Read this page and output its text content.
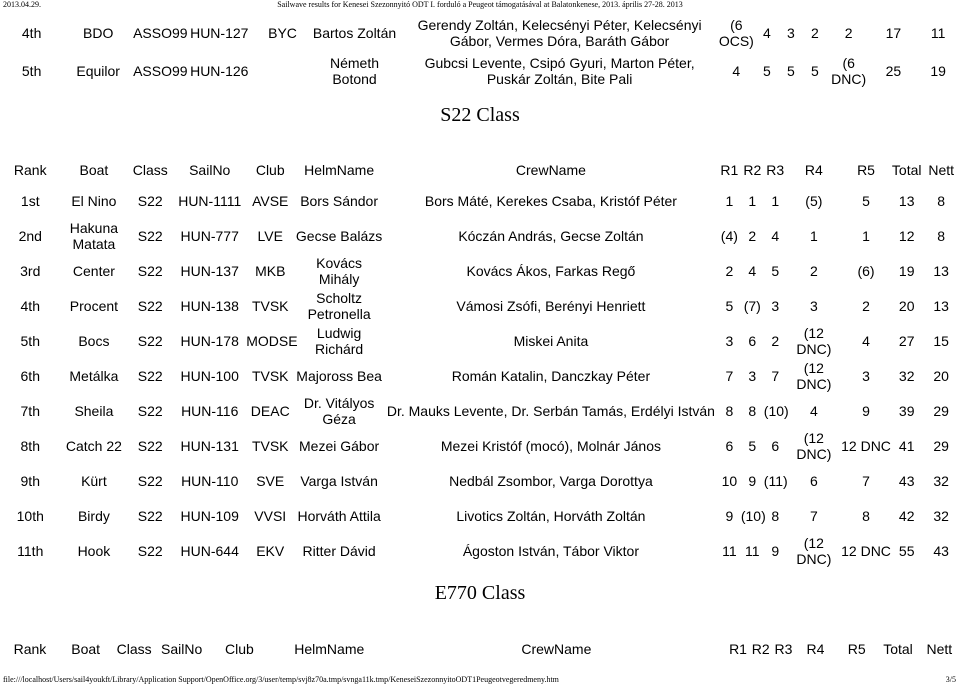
2013.04.29.	Sailwave results for Kenesei Szezonnyitó ODT I. forduló a Peugeot támogatásával at Balatonkenese, 2013. április 27-28. 2013
4th	BDO	ASSO99	HUN-127	BYC	Bartos Zoltán	Gerendy Zoltán, Kelecsényi Péter, Kelecsényi Gábor, Vermes Dóra, Baráth Gábor	(6 OCS)	4	3	2	2	17	11
5th	Equilor	ASSO99	HUN-126		Németh Botond	Gubcsi Levente, Csipó Gyuri, Marton Péter, Puskár Zoltán, Bite Pali	4	5	5	5	(6 DNC)	25	19
S22 Class
Rank	Boat	Class	SailNo	Club	HelmName	CrewName	R1	R2	R3	R4	R5	Total	Nett
1st	El Nino	S22	HUN-1111	AVSE	Bors Sándor	Bors Máté, Kerekes Csaba, Kristóf Péter	1	1	1	(5)	5	13	8
2nd	Hakuna Matata	S22	HUN-777	LVE	Gecse Balázs	Kóczán András, Gecse Zoltán	(4)	2	4	1	1	12	8
3rd	Center	S22	HUN-137	MKB	Kovács Mihály	Kovács Ákos, Farkas Regő	2	4	5	2	(6)	19	13
4th	Procent	S22	HUN-138	TVSK	Scholtz Petronella	Vámosi Zsófi, Berényi Henriett	5	(7)	3	3	2	20	13
5th	Bocs	S22	HUN-178	MODSE	Ludwig Richárd	Miskei Anita	3	6	2	(12 DNC)	4	27	15
6th	Metálka	S22	HUN-100	TVSK	Majoross Bea	Román Katalin, Danczkay Péter	7	3	7	(12 DNC)	3	32	20
7th	Sheila	S22	HUN-116	DEAC	Dr. Vitályos Géza	Dr. Mauks Levente, Dr. Serbán Tamás, Erdélyi István	8	8	(10)	4	9	39	29
8th	Catch 22	S22	HUN-131	TVSK	Mezei Gábor	Mezei Kristóf (mocó), Molnár János	6	5	6	(12 DNC)	12 DNC	41	29
9th	Kürt	S22	HUN-110	SVE	Varga István	Nedbál Zsombor, Varga Dorottya	10	9	(11)	6	7	43	32
10th	Birdy	S22	HUN-109	VVSI	Horváth Attila	Livotics Zoltán, Horváth Zoltán	9	(10)	8	7	8	42	32
11th	Hook	S22	HUN-644	EKV	Ritter Dávid	Ágoston István, Tábor Viktor	11	11	9	(12 DNC)	12 DNC	55	43
E770 Class
Rank	Boat	Class	SailNo	Club	HelmName	CrewName	R1	R2	R3	R4	R5	Total	Nett
file:///localhost/Users/sail4youkft/Library/Application Support/OpenOffice.org/3/user/temp/svj8z70a.tmp/svnga11k.tmp/KeneseiSzezonnyitoODT1Peugeotvegeredmeny.htm	3/5
